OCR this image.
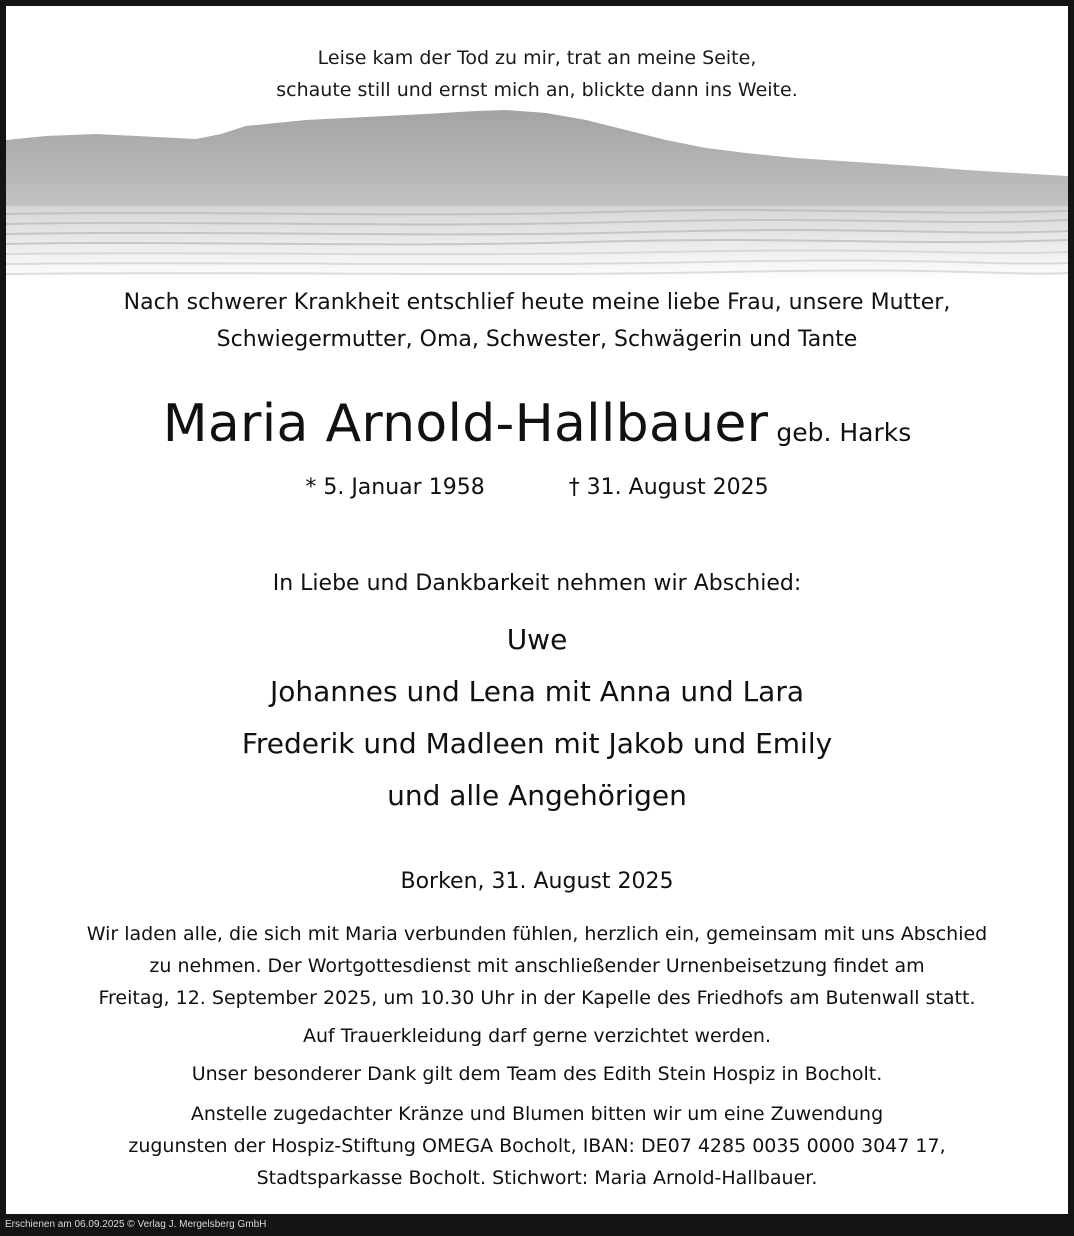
Leise kam der Tod zu mir, trat an meine Seite,
schaute still und ernst mich an, blickte dann ins Weite.
Nach schwerer Krankheit entschlief heute meine liebe Frau, unsere Mutter,
Schwiegermutter, Oma, Schwester, Schwägerin und Tante
Maria Arnold-Hallbauer geb. Harks
* 5. Januar 1958	† 31. August 2025
In Liebe und Dankbarkeit nehmen wir Abschied:
Uwe
Johannes und Lena mit Anna und Lara
Frederik und Madleen mit Jakob und Emily
und alle Angehörigen
Borken, 31. August 2025
Wir laden alle, die sich mit Maria verbunden fühlen, herzlich ein, gemeinsam mit uns Abschied
zu nehmen. Der Wortgottesdienst mit anschließender Urnenbeisetzung findet am
Freitag, 12. September 2025, um 10.30 Uhr in der Kapelle des Friedhofs am Butenwall statt.
Auf Trauerkleidung darf gerne verzichtet werden.
Unser besonderer Dank gilt dem Team des Edith Stein Hospiz in Bocholt.
Anstelle zugedachter Kränze und Blumen bitten wir um eine Zuwendung
zugunsten der Hospiz-Stiftung OMEGA Bocholt, IBAN: DE07 4285 0035 0000 3047 17,
Stadtsparkasse Bocholt. Stichwort: Maria Arnold-Hallbauer.
Erschienen am 06.09.2025 © Verlag J. Mergelsberg GmbH
